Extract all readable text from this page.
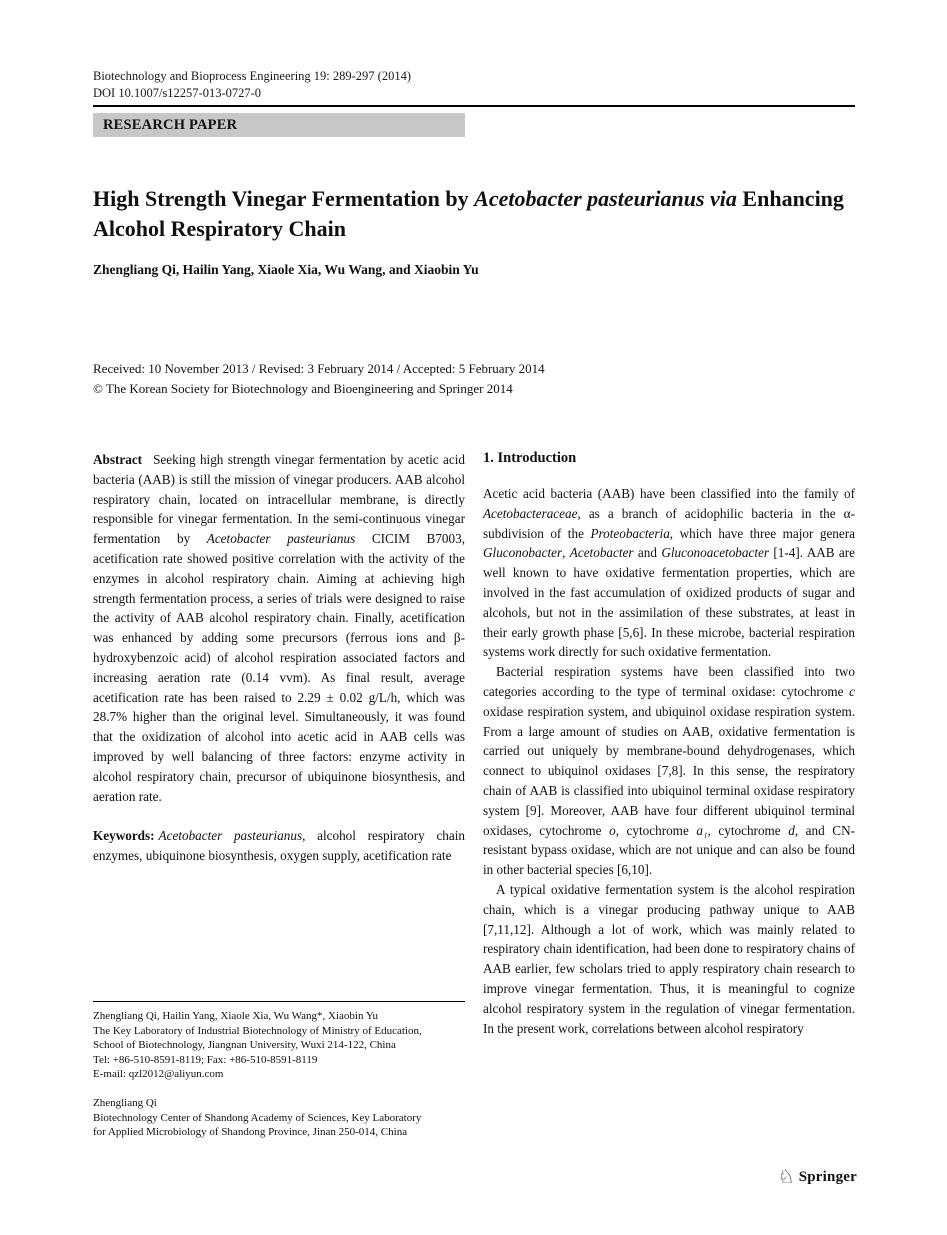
Biotechnology and Bioprocess Engineering 19: 289-297 (2014)
DOI 10.1007/s12257-013-0727-0
RESEARCH PAPER
High Strength Vinegar Fermentation by Acetobacter pasteurianus via Enhancing Alcohol Respiratory Chain
Zhengliang Qi, Hailin Yang, Xiaole Xia, Wu Wang, and Xiaobin Yu
Received: 10 November 2013 / Revised: 3 February 2014 / Accepted: 5 February 2014
© The Korean Society for Biotechnology and Bioengineering and Springer 2014

Abstract Seeking high strength vinegar fermentation by acetic acid bacteria (AAB) is still the mission of vinegar producers. AAB alcohol respiratory chain, located on intracellular membrane, is directly responsible for vinegar fermentation. In the semi-continuous vinegar fermentation by Acetobacter pasteurianus CICIM B7003, acetification rate showed positive correlation with the activity of the enzymes in alcohol respiratory chain. Aiming at achieving high strength fermentation process, a series of trials were designed to raise the activity of AAB alcohol respiratory chain. Finally, acetification was enhanced by adding some precursors (ferrous ions and β-hydroxybenzoic acid) of alcohol respiration associated factors and increasing aeration rate (0.14 vvm). As final result, average acetification rate has been raised to 2.29 ± 0.02 g/L/h, which was 28.7% higher than the original level. Simultaneously, it was found that the oxidization of alcohol into acetic acid in AAB cells was improved by well balancing of three factors: enzyme activity in alcohol respiratory chain, precursor of ubiquinone biosynthesis, and aeration rate.

Keywords: Acetobacter pasteurianus, alcohol respiratory chain enzymes, ubiquinone biosynthesis, oxygen supply, acetification rate

1. Introduction

Acetic acid bacteria (AAB) have been classified into the family of Acetobacteraceae, as a branch of acidophilic bacteria in the α-subdivision of the Proteobacteria, which have three major genera Gluconobacter, Acetobacter and Gluconoacetobacter [1-4]. AAB are well known to have oxidative fermentation properties, which are involved in the fast accumulation of oxidized products of sugar and alcohols, but not in the assimilation of these substrates, at least in their early growth phase [5,6]. In these microbe, bacterial respiration systems work directly for such oxidative fermentation.

Bacterial respiration systems have been classified into two categories according to the type of terminal oxidase: cytochrome c oxidase respiration system, and ubiquinol oxidase respiration system. From a large amount of studies on AAB, oxidative fermentation is carried out uniquely by membrane-bound dehydrogenases, which connect to ubiquinol oxidases [7,8]. In this sense, the respiratory chain of AAB is classified into ubiquinol terminal oxidase respiratory system [9]. Moreover, AAB have four different ubiquinol terminal oxidases, cytochrome o, cytochrome a₁, cytochrome d, and CN-resistant bypass oxidase, which are not unique and can also be found in other bacterial species [6,10].

A typical oxidative fermentation system is the alcohol respiration chain, which is a vinegar producing pathway unique to AAB [7,11,12]. Although a lot of work, which was mainly related to respiratory chain identification, had been done to respiratory chains of AAB earlier, few scholars tried to apply respiratory chain research to improve vinegar fermentation. Thus, it is meaningful to cognize alcohol respiratory system in the regulation of vinegar fermentation. In the present work, correlations between alcohol respiratory

Zhengliang Qi, Hailin Yang, Xiaole Xia, Wu Wang*, Xiaobin Yu
The Key Laboratory of Industrial Biotechnology of Ministry of Education,
School of Biotechnology, Jiangnan University, Wuxi 214-122, China
Tel: +86-510-8591-8119; Fax: +86-510-8591-8119
E-mail: qzl2012@aliyun.com
Zhengliang Qi
Biotechnology Center of Shandong Academy of Sciences, Key Laboratory
for Applied Microbiology of Shandong Province, Jinan 250-014, China
♘ Springer
